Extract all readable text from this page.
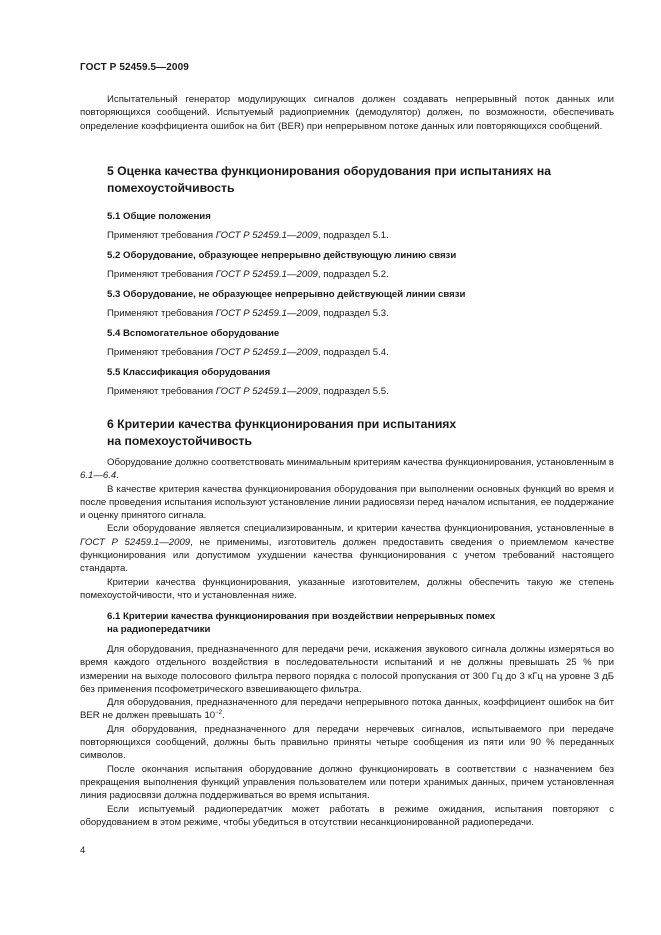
ГОСТ Р 52459.5—2009

Испытательный генератор модулирующих сигналов должен создавать непрерывный поток данных или повторяющихся сообщений. Испытуемый радиоприемник (демодулятор) должен, по возможности, обеспечивать определение коэффициента ошибок на бит (BER) при непрерывном потоке данных или повторяющихся сообщений.

5 Оценка качества функционирования оборудования при испытаниях на
помехоустойчивость
5.1 Общие положения
Применяют требования ГОСТ Р 52459.1—2009, подраздел 5.1.
5.2 Оборудование, образующее непрерывно действующую линию связи
Применяют требования ГОСТ Р 52459.1—2009, подраздел 5.2.
5.3 Оборудование, не образующее непрерывно действующей линии связи
Применяют требования ГОСТ Р 52459.1—2009, подраздел 5.3.
5.4 Вспомогательное оборудование
Применяют требования ГОСТ Р 52459.1—2009, подраздел 5.4.
5.5 Классификация оборудования
Применяют требования ГОСТ Р 52459.1—2009, подраздел 5.5.
6 Критерии качества функционирования при испытаниях
на помехоустойчивость

Оборудование должно соответствовать минимальным критериям качества функционирования, установленным в 6.1—6.4.

В качестве критерия качества функционирования оборудования при выполнении основных функций во время и после проведения испытания используют установление линии радиосвязи перед началом испытания, ее поддержание и оценку принятого сигнала.

Если оборудование является специализированным, и критерии качества функционирования, установленные в ГОСТ Р 52459.1—2009, не применимы, изготовитель должен предоставить сведения о приемлемом качестве функционирования или допустимом ухудшении качества функционирования с учетом требований настоящего стандарта.

Критерии качества функционирования, указанные изготовителем, должны обеспечить такую же степень помехоустойчивости, что и установленная ниже.

6.1 Критерии качества функционирования при воздействии непрерывных помех
на радиопередатчики

Для оборудования, предназначенного для передачи речи, искажения звукового сигнала должны измеряться во время каждого отдельного воздействия в последовательности испытаний и не должны превышать 25 % при измерении на выходе полосового фильтра первого порядка с полосой пропускания от 300 Гц до 3 кГц на уровне 3 дБ без применения псофометрического взвешивающего фильтра.

Для оборудования, предназначенного для передачи непрерывного потока данных, коэффициент ошибок на бит BER не должен превышать $10^{-2}$.

Для оборудования, предназначенного для передачи неречевых сигналов, испытываемого при передаче повторяющихся сообщений, должны быть правильно приняты четыре сообщения из пяти или 90 % переданных символов.

После окончания испытания оборудование должно функционировать в соответствии с назначением без прекращения выполнения функций управления пользователем или потери хранимых данных, причем установленная линия радиосвязи должна поддерживаться во время испытания.

Если испытуемый радиопередатчик может работать в режиме ожидания, испытания повторяют с оборудованием в этом режиме, чтобы убедиться в отсутствии несанкционированной радиопередачи.

4
